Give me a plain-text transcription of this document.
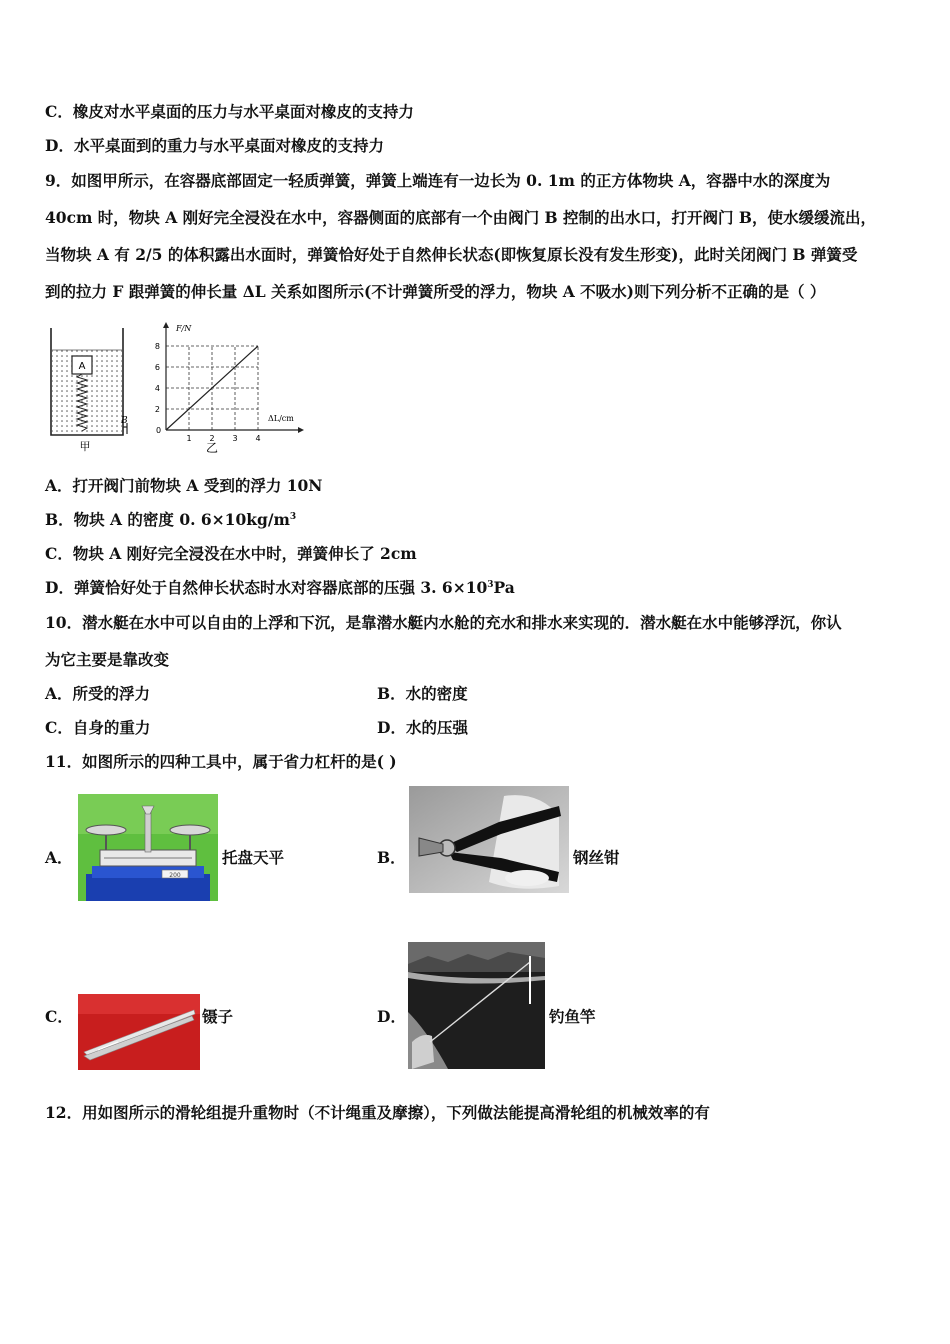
C．橡皮对水平桌面的压力与水平桌面对橡皮的支持力
D．水平桌面到的重力与水平桌面对橡皮的支持力
9．如图甲所示，在容器底部固定一轻质弹簧，弹簧上端连有一边长为 0. 1m 的正方体物块 A，容器中水的深度为
40cm 时，物块 A 刚好完全浸没在水中，容器侧面的底部有一个由阀门 B 控制的出水口，打开阀门 B，使水缓缓流出，
当物块 A 有 2/5 的体积露出水面时，弹簧恰好处于自然伸长状态(即恢复原长没有发生形变)，此时关闭阀门 B 弹簧受
到的拉力 F 跟弹簧的伸长量 ΔL 关系如图所示(不计弹簧所受的浮力，物块 A 不吸水)则下列分析不正确的是（ ）
A
B
甲
1 2 3 4
2
4
6
8
F/N
ΔL/cm
0
乙
A．打开阀门前物块 A 受到的浮力 10N
B．物块 A 的密度 0. $6\times 10kg/m^3$
C．物块 A 刚好完全浸没在水中时，弹簧伸长了 2cm
D．弹簧恰好处于自然伸长状态时水对容器底部的压强 3. $6\times 10^3Pa$
10．潜水艇在水中可以自由的上浮和下沉，是靠潜水艇内水舱的充水和排水来实现的．潜水艇在水中能够浮沉，你认
为它主要是靠改变
A．所受的浮力	B．水的密度
C．自身的重力	D．水的压强
11．如图所示的四种工具中，属于省力杠杆的是( )
A．
200
托盘天平	B．	钢丝钳
C．	镊子	D．	钓鱼竿
12．用如图所示的滑轮组提升重物时（不计绳重及摩擦），下列做法能提高滑轮组的机械效率的有
